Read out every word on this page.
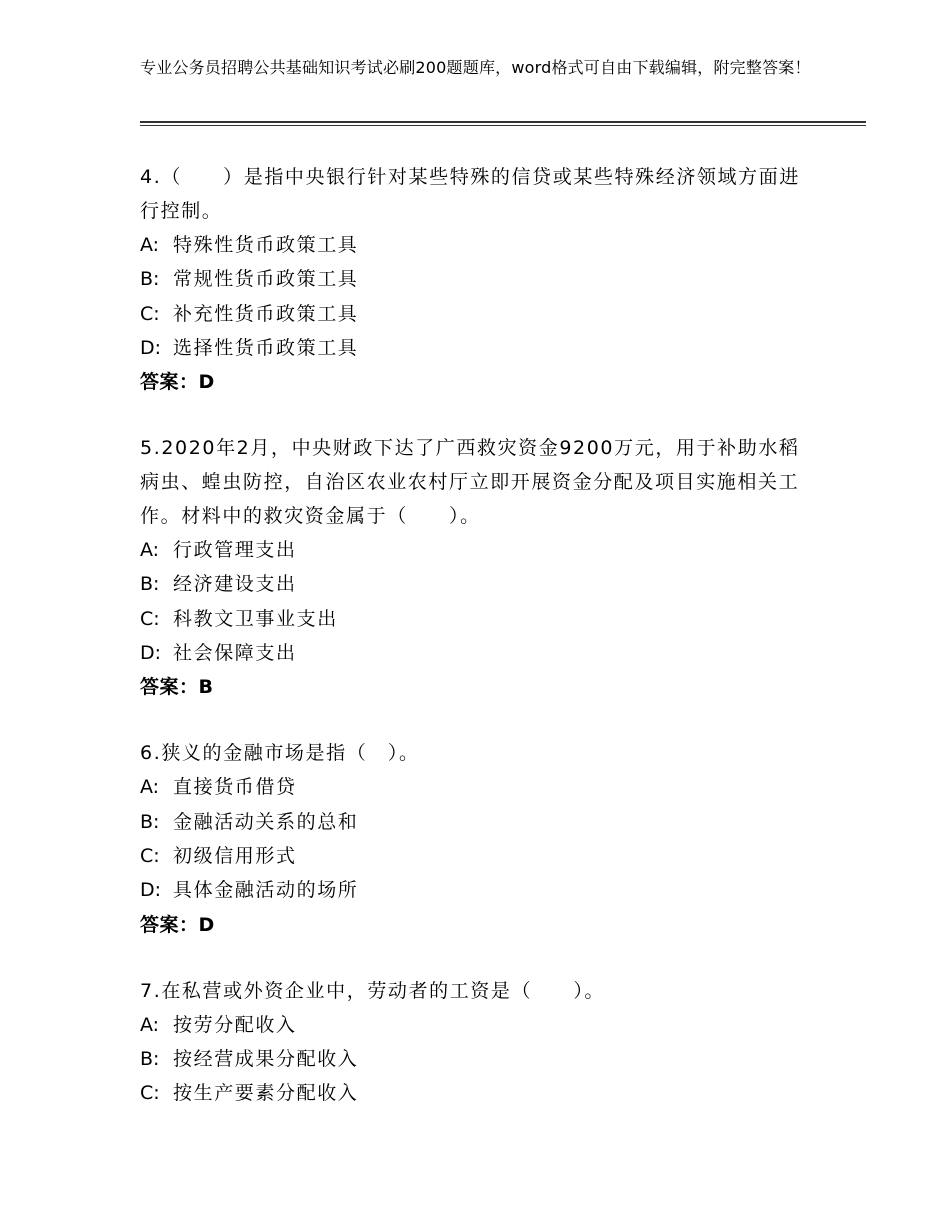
专业公务员招聘公共基础知识考试必刷200题题库，word格式可自由下载编辑，附完整答案！
4.（　　）是指中央银行针对某些特殊的信贷或某些特殊经济领域方面进行控制。
A: 特殊性货币政策工具
B: 常规性货币政策工具
C: 补充性货币政策工具
D: 选择性货币政策工具
答案：D
5.2020年2月，中央财政下达了广西救灾资金9200万元，用于补助水稻病虫、蝗虫防控，自治区农业农村厅立即开展资金分配及项目实施相关工作。材料中的救灾资金属于（　　）。
A: 行政管理支出
B: 经济建设支出
C: 科教文卫事业支出
D: 社会保障支出
答案：B
6.狭义的金融市场是指（　）。
A: 直接货币借贷
B: 金融活动关系的总和
C: 初级信用形式
D: 具体金融活动的场所
答案：D
7.在私营或外资企业中，劳动者的工资是（　　）。
A: 按劳分配收入
B: 按经营成果分配收入
C: 按生产要素分配收入
